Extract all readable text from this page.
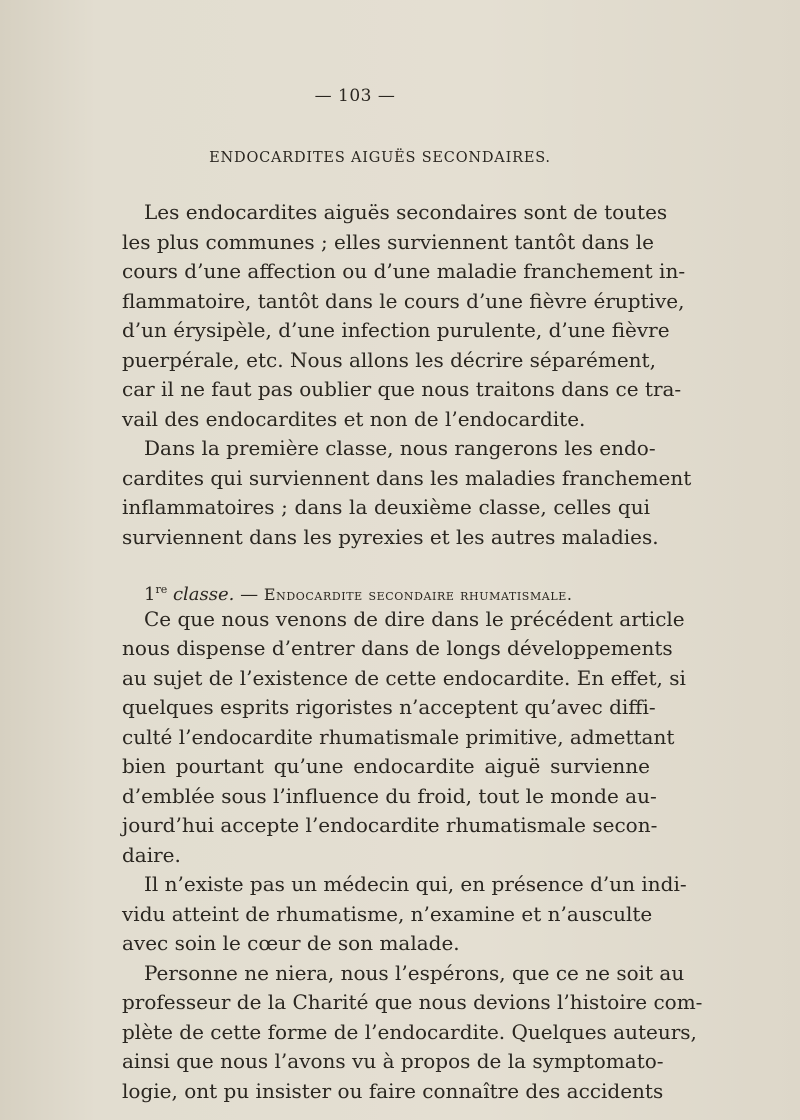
— 103 —
ENDOCARDITES AIGUËS SECONDAIRES.
Les endocardites aiguës secondaires sont de toutes
les plus communes ; elles surviennent tantôt dans le
cours d’une affection ou d’une maladie franchement in-
flammatoire, tantôt dans le cours d’une fièvre éruptive,
d’un érysipèle, d’une infection purulente, d’une fièvre
puerpérale, etc. Nous allons les décrire séparément,
car il ne faut pas oublier que nous traitons dans ce tra-
vail des endocardites et non de l’endocardite.
Dans la première classe, nous rangerons les endo-
cardites qui surviennent dans les maladies franchement
inflammatoires ; dans la deuxième classe, celles qui
surviennent dans les pyrexies et les autres maladies.
1re classe. — Endocardite secondaire rhumatismale.
Ce que nous venons de dire dans le précédent article
nous dispense d’entrer dans de longs développements
au sujet de l’existence de cette endocardite. En effet, si
quelques esprits rigoristes n’acceptent qu’avec diffi-
culté l’endocardite rhumatismale primitive, admettant
bien pourtant qu’une endocardite aiguë survienne
d’emblée sous l’influence du froid, tout le monde au-
jourd’hui accepte l’endocardite rhumatismale secon-
daire.
Il n’existe pas un médecin qui, en présence d’un indi-
vidu atteint de rhumatisme, n’examine et n’ausculte
avec soin le cœur de son malade.
Personne ne niera, nous l’espérons, que ce ne soit au
professeur de la Charité que nous devions l’histoire com-
plète de cette forme de l’endocardite. Quelques auteurs,
ainsi que nous l’avons vu à propos de la symptomato-
logie, ont pu insister ou faire connaître des accidents
